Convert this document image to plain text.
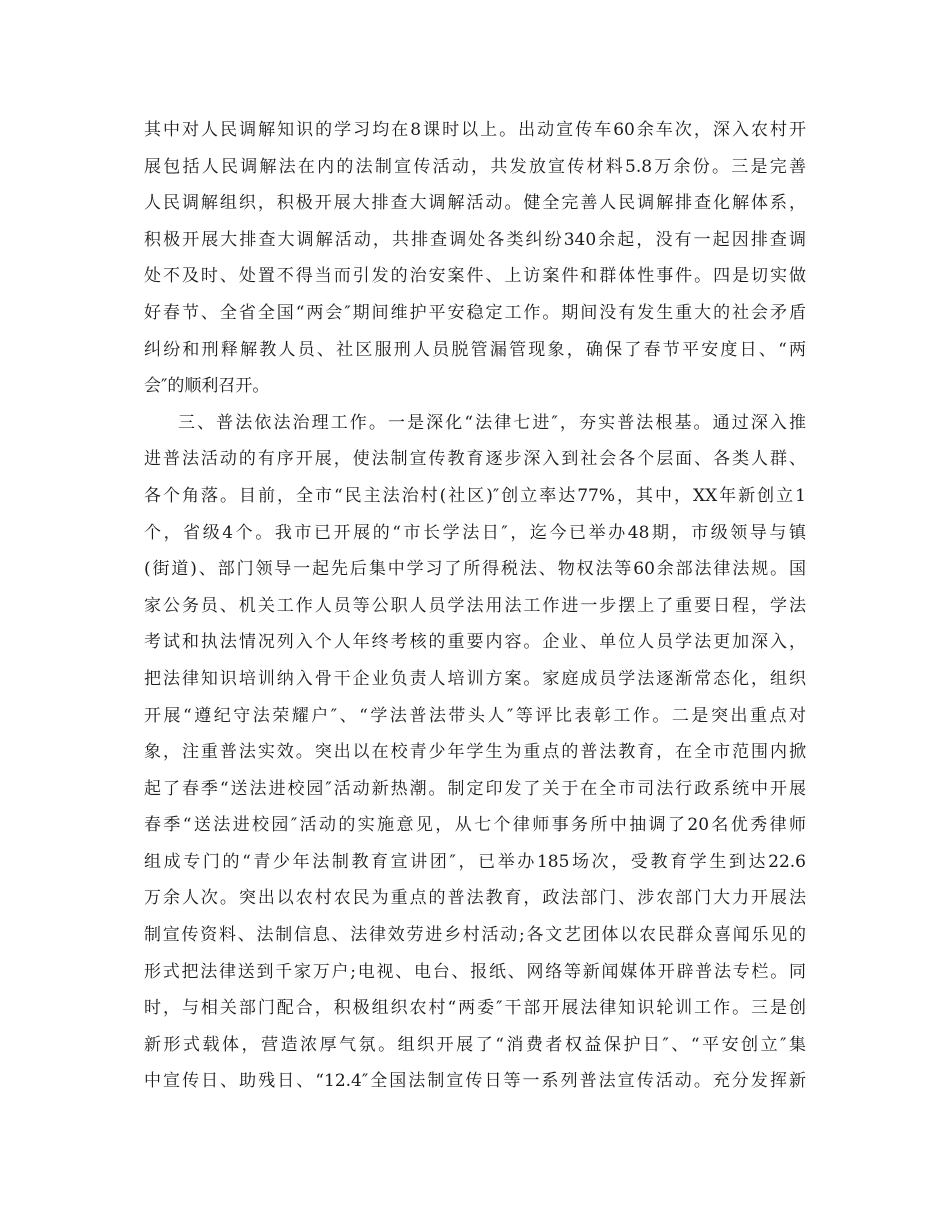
其中对人民调解知识的学习均在8课时以上。出动宣传车60余车次，深入农村开
展包括人民调解法在内的法制宣传活动，共发放宣传材料5.8万余份。三是完善
人民调解组织，积极开展大排查大调解活动。健全完善人民调解排查化解体系，
积极开展大排查大调解活动，共排查调处各类纠纷340余起，没有一起因排查调
处不及时、处置不得当而引发的治安案件、上访案件和群体性事件。四是切实做
好春节、全省全国“两会″期间维护平安稳定工作。期间没有发生重大的社会矛盾
纠纷和刑释解教人员、社区服刑人员脱管漏管现象，确保了春节平安度日、“两
会″的顺利召开。
三、普法依法治理工作。一是深化“法律七进″，夯实普法根基。通过深入推
进普法活动的有序开展，使法制宣传教育逐步深入到社会各个层面、各类人群、
各个角落。目前，全市“民主法治村(社区)″创立率达77%，其中，XX年新创立1
个，省级4个。我市已开展的“市长学法日″，迄今已举办48期，市级领导与镇
(街道)、部门领导一起先后集中学习了所得税法、物权法等60余部法律法规。国
家公务员、机关工作人员等公职人员学法用法工作进一步摆上了重要日程，学法
考试和执法情况列入个人年终考核的重要内容。企业、单位人员学法更加深入，
把法律知识培训纳入骨干企业负责人培训方案。家庭成员学法逐渐常态化，组织
开展“遵纪守法荣耀户″、“学法普法带头人″等评比表彰工作。二是突出重点对
象，注重普法实效。突出以在校青少年学生为重点的普法教育，在全市范围内掀
起了春季“送法进校园″活动新热潮。制定印发了关于在全市司法行政系统中开展
春季“送法进校园″活动的实施意见，从七个律师事务所中抽调了20名优秀律师
组成专门的“青少年法制教育宣讲团″，已举办185场次，受教育学生到达22.6
万余人次。突出以农村农民为重点的普法教育，政法部门、涉农部门大力开展法
制宣传资料、法制信息、法律效劳进乡村活动;各文艺团体以农民群众喜闻乐见的
形式把法律送到千家万户;电视、电台、报纸、网络等新闻媒体开辟普法专栏。同
时，与相关部门配合，积极组织农村“两委″干部开展法律知识轮训工作。三是创
新形式载体，营造浓厚气氛。组织开展了“消费者权益保护日″、“平安创立″集
中宣传日、助残日、“12.4″全国法制宣传日等一系列普法宣传活动。充分发挥新
